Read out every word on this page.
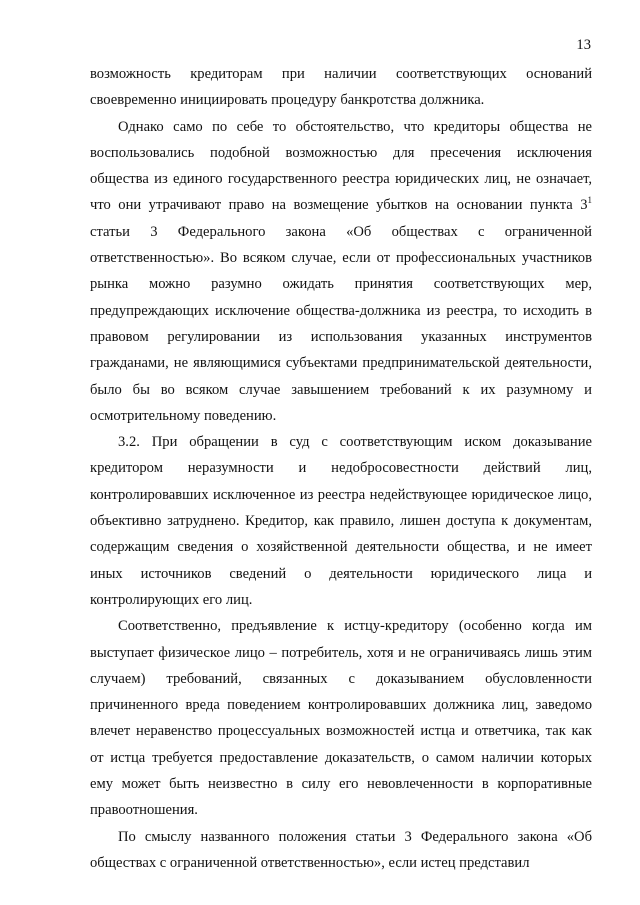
13

возможность кредиторам при наличии соответствующих оснований своевременно инициировать процедуру банкротства должника.

Однако само по себе то обстоятельство, что кредиторы общества не воспользовались подобной возможностью для пресечения исключения общества из единого государственного реестра юридических лиц, не означает, что они утрачивают право на возмещение убытков на основании пункта $3^1$ статьи 3 Федерального закона «Об обществах с ограниченной ответственностью». Во всяком случае, если от профессиональных участников рынка можно разумно ожидать принятия соответствующих мер, предупреждающих исключение общества-должника из реестра, то исходить в правовом регулировании из использования указанных инструментов гражданами, не являющимися субъектами предпринимательской деятельности, было бы во всяком случае завышением требований к их разумному и осмотрительному поведению.

3.2. При обращении в суд с соответствующим иском доказывание кредитором неразумности и недобросовестности действий лиц, контролировавших исключенное из реестра недействующее юридическое лицо, объективно затруднено. Кредитор, как правило, лишен доступа к документам, содержащим сведения о хозяйственной деятельности общества, и не имеет иных источников сведений о деятельности юридического лица и контролирующих его лиц.

Соответственно, предъявление к истцу-кредитору (особенно когда им выступает физическое лицо – потребитель, хотя и не ограничиваясь лишь этим случаем) требований, связанных с доказыванием обусловленности причиненного вреда поведением контролировавших должника лиц, заведомо влечет неравенство процессуальных возможностей истца и ответчика, так как от истца требуется предоставление доказательств, о самом наличии которых ему может быть неизвестно в силу его невовлеченности в корпоративные правоотношения.

По смыслу названного положения статьи 3 Федерального закона «Об обществах с ограниченной ответственностью», если истец представил
